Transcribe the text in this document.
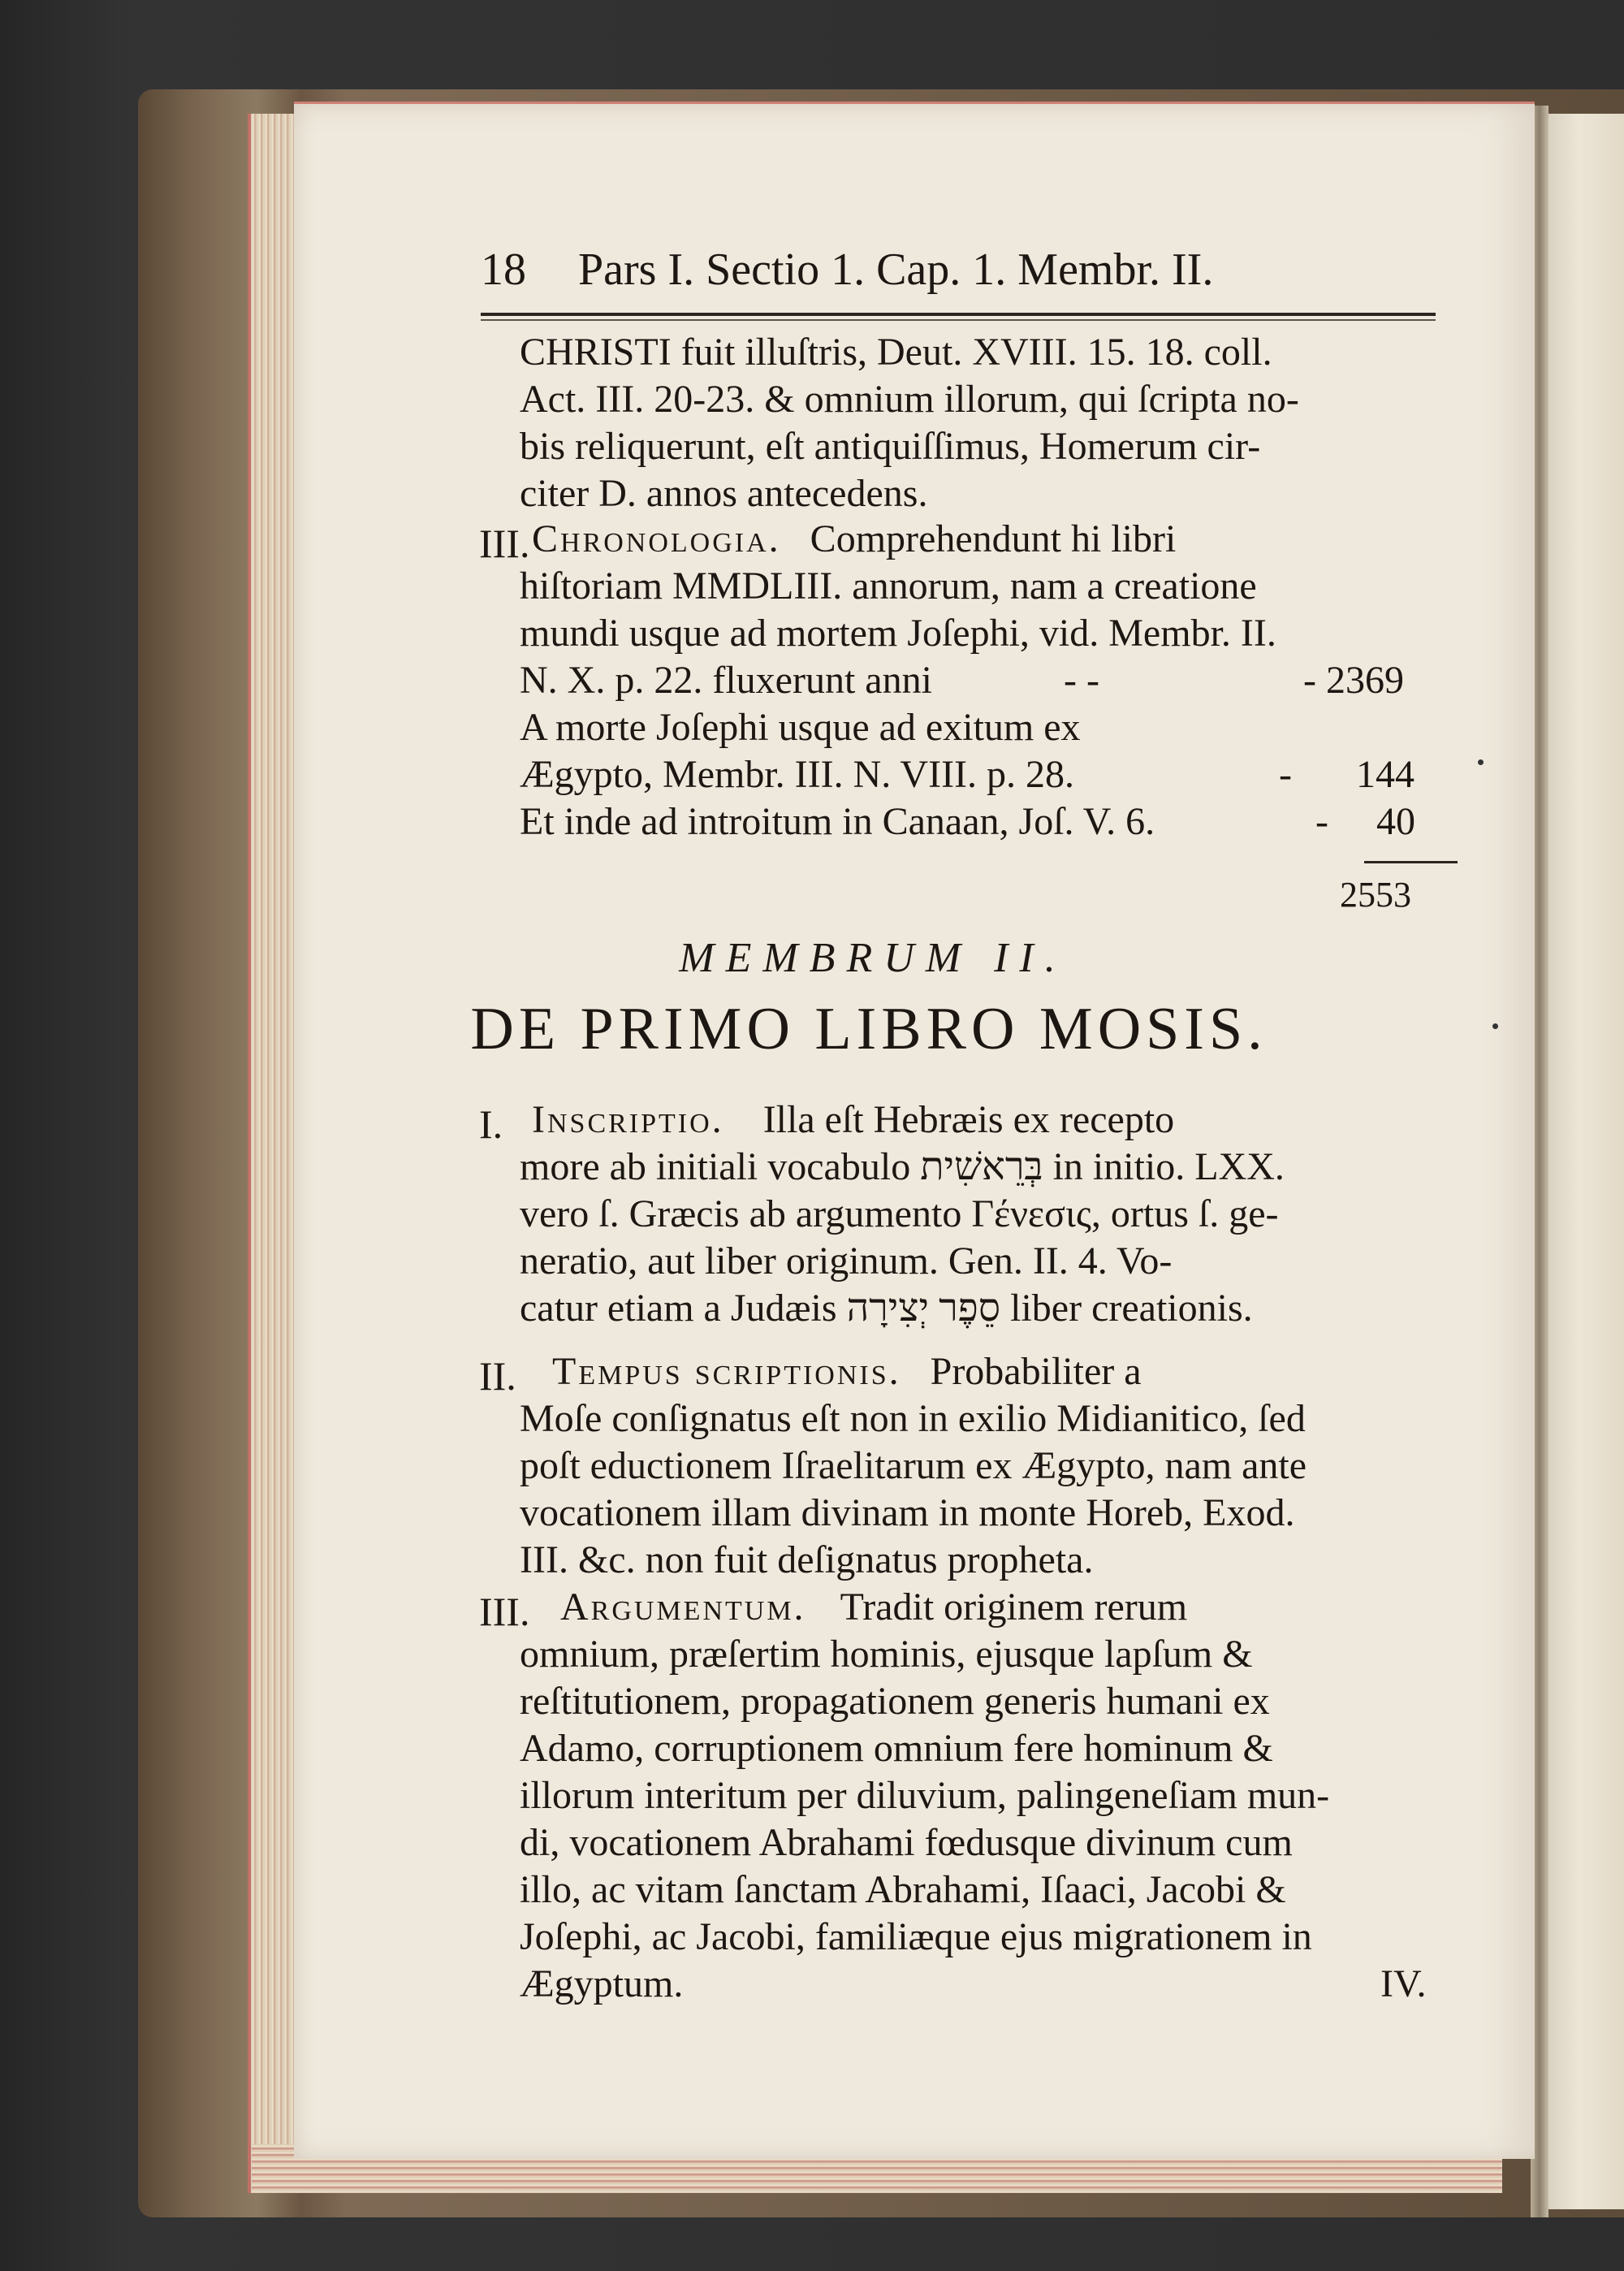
18	Pars I. Sectio 1. Cap. 1. Membr. II.
CHRISTI fuit illuſtris, Deut. XVIII. 15. 18. coll.
Act. III. 20-23. & omnium illorum, qui ſcripta no-
bis reliquerunt, eſt antiquiſſimus, Homerum cir-
citer D. annos antecedens.
III. Chronologia. Comprehendunt hi libri
hiſtoriam MMDLIII. annorum, nam a creatione
mundi usque ad mortem Joſephi, vid. Membr. II.
N. X. p. 22. fluxerunt anni	- -	- 2369
A morte Joſephi usque ad exitum ex
Ægypto, Membr. III. N. VIII. p. 28.	- 144
Et inde ad introitum in Canaan, Joſ. V. 6.	- 40
2553
MEMBRUM II.
DE PRIMO LIBRO MOSIS.
I. Inscriptio. Illa eſt Hebræis ex recepto
more ab initiali vocabulo בְּרֵאשִׁית in initio. LXX.
vero ſ. Græcis ab argumento Γένεσις, ortus ſ. ge-
neratio, aut liber originum. Gen. II. 4. Vo-
catur etiam a Judæis סֵפֶר יְצִירָה liber creationis.
II. Tempus scriptionis. Probabiliter a
Moſe conſignatus eſt non in exilio Midianitico, ſed
poſt eductionem Iſraelitarum ex Ægypto, nam ante
vocationem illam divinam in monte Horeb, Exod.
III. &c. non fuit deſignatus propheta.
III. Argumentum. Tradit originem rerum
omnium, præſertim hominis, ejusque lapſum &
reſtitutionem, propagationem generis humani ex
Adamo, corruptionem omnium fere hominum &
illorum interitum per diluvium, palingeneſiam mun-
di, vocationem Abrahami fœdusque divinum cum
illo, ac vitam ſanctam Abrahami, Iſaaci, Jacobi &
Joſephi, ac Jacobi, familiæque ejus migrationem in
Ægyptum.	IV.
